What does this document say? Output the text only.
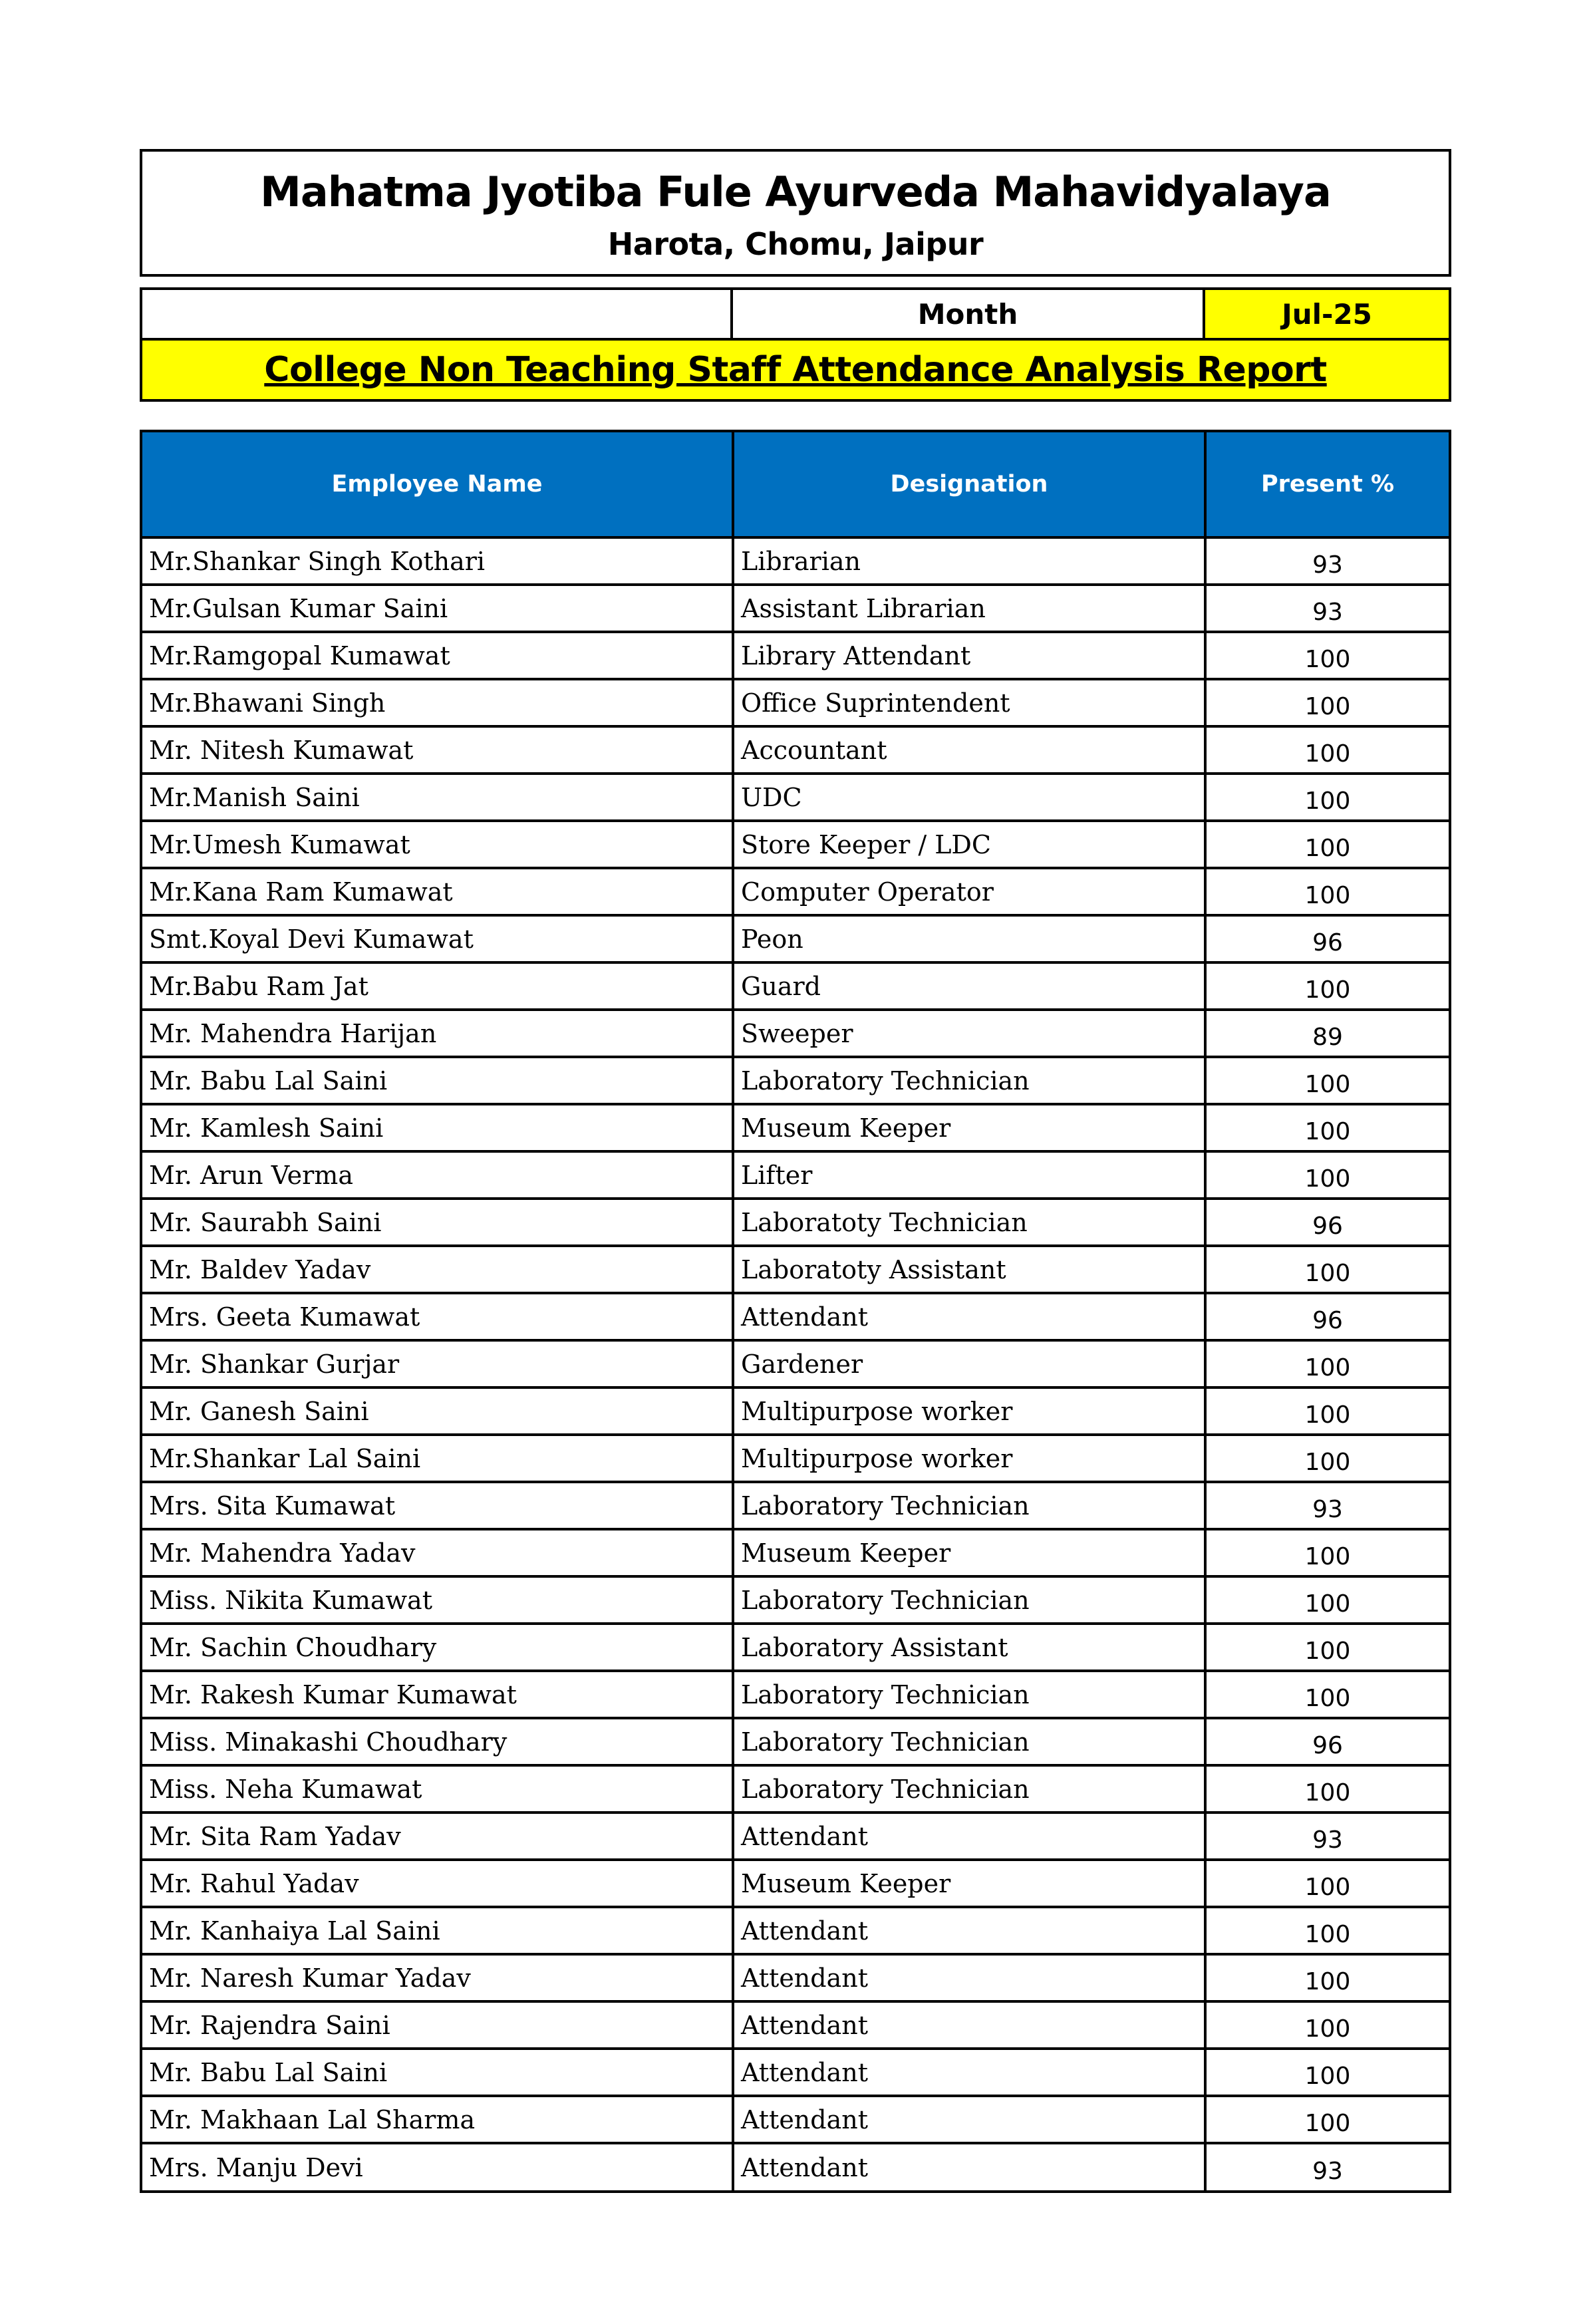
Mahatma Jyotiba Fule Ayurveda Mahavidyalaya
Harota, Chomu, Jaipur
Month	Jul-25
College Non Teaching Staff Attendance Analysis Report
Employee Name	Designation	Present %
Mr.Shankar Singh Kothari	Librarian	93
Mr.Gulsan Kumar Saini	Assistant Librarian	93
Mr.Ramgopal Kumawat	Library Attendant	100
Mr.Bhawani Singh	Office Suprintendent	100
Mr. Nitesh Kumawat	Accountant	100
Mr.Manish Saini	UDC	100
Mr.Umesh Kumawat	Store Keeper / LDC	100
Mr.Kana Ram Kumawat	Computer Operator	100
Smt.Koyal Devi Kumawat	Peon	96
Mr.Babu Ram Jat	Guard	100
Mr. Mahendra Harijan	Sweeper	89
Mr. Babu Lal Saini	Laboratory Technician	100
Mr. Kamlesh Saini	Museum Keeper	100
Mr. Arun Verma	Lifter	100
Mr. Saurabh Saini	Laboratoty Technician	96
Mr. Baldev Yadav	Laboratoty Assistant	100
Mrs. Geeta Kumawat	Attendant	96
Mr. Shankar Gurjar	Gardener	100
Mr. Ganesh Saini	Multipurpose worker	100
Mr.Shankar Lal Saini	Multipurpose worker	100
Mrs. Sita Kumawat	Laboratory Technician	93
Mr. Mahendra Yadav	Museum Keeper	100
Miss. Nikita Kumawat	Laboratory Technician	100
Mr. Sachin Choudhary	Laboratory Assistant	100
Mr. Rakesh Kumar Kumawat	Laboratory Technician	100
Miss. Minakashi Choudhary	Laboratory Technician	96
Miss. Neha Kumawat	Laboratory Technician	100
Mr. Sita Ram Yadav	Attendant	93
Mr. Rahul Yadav	Museum Keeper	100
Mr. Kanhaiya Lal Saini	Attendant	100
Mr. Naresh Kumar Yadav	Attendant	100
Mr. Rajendra Saini	Attendant	100
Mr. Babu Lal Saini	Attendant	100
Mr. Makhaan Lal Sharma	Attendant	100
Mrs. Manju Devi	Attendant	93
